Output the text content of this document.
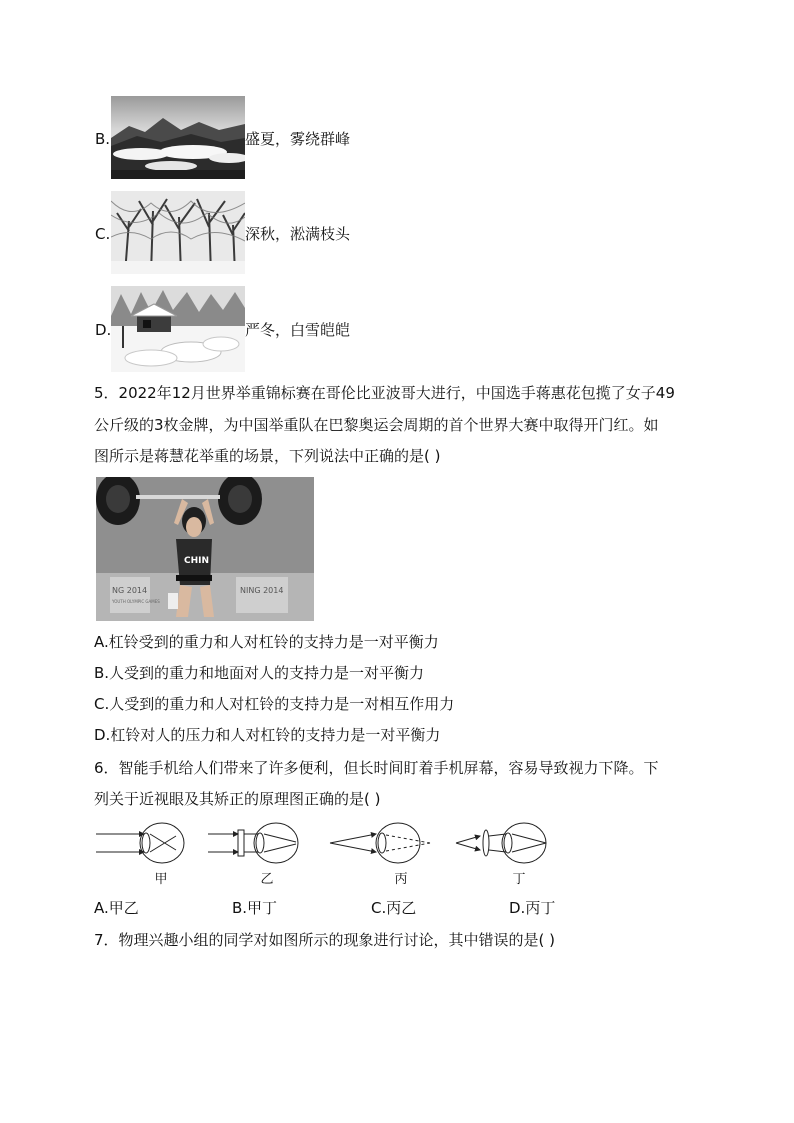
B.	盛夏，雾绕群峰
C.	深秋，淞满枝头
D.	严冬，白雪皑皑
5．2022年12月世界举重锦标赛在哥伦比亚波哥大进行，中国选手蒋惠花包揽了女子49
公斤级的3枚金牌，为中国举重队在巴黎奥运会周期的首个世界大赛中取得开门红。如
图所示是蒋慧花举重的场景，下列说法中正确的是( )
NG 2014	NING 2014
YOUTH OLYMPIC GAMES
CHIN
A.杠铃受到的重力和人对杠铃的支持力是一对平衡力
B.人受到的重力和地面对人的支持力是一对平衡力
C.人受到的重力和人对杠铃的支持力是一对相互作用力
D.杠铃对人的压力和人对杠铃的支持力是一对平衡力
6．智能手机给人们带来了许多便利，但长时间盯着手机屏幕，容易导致视力下降。下
列关于近视眼及其矫正的原理图正确的是( )
甲	乙	丙	丁
A.甲乙	B.甲丁	C.丙乙	D.丙丁
7．物理兴趣小组的同学对如图所示的现象进行讨论，其中错误的是( )
